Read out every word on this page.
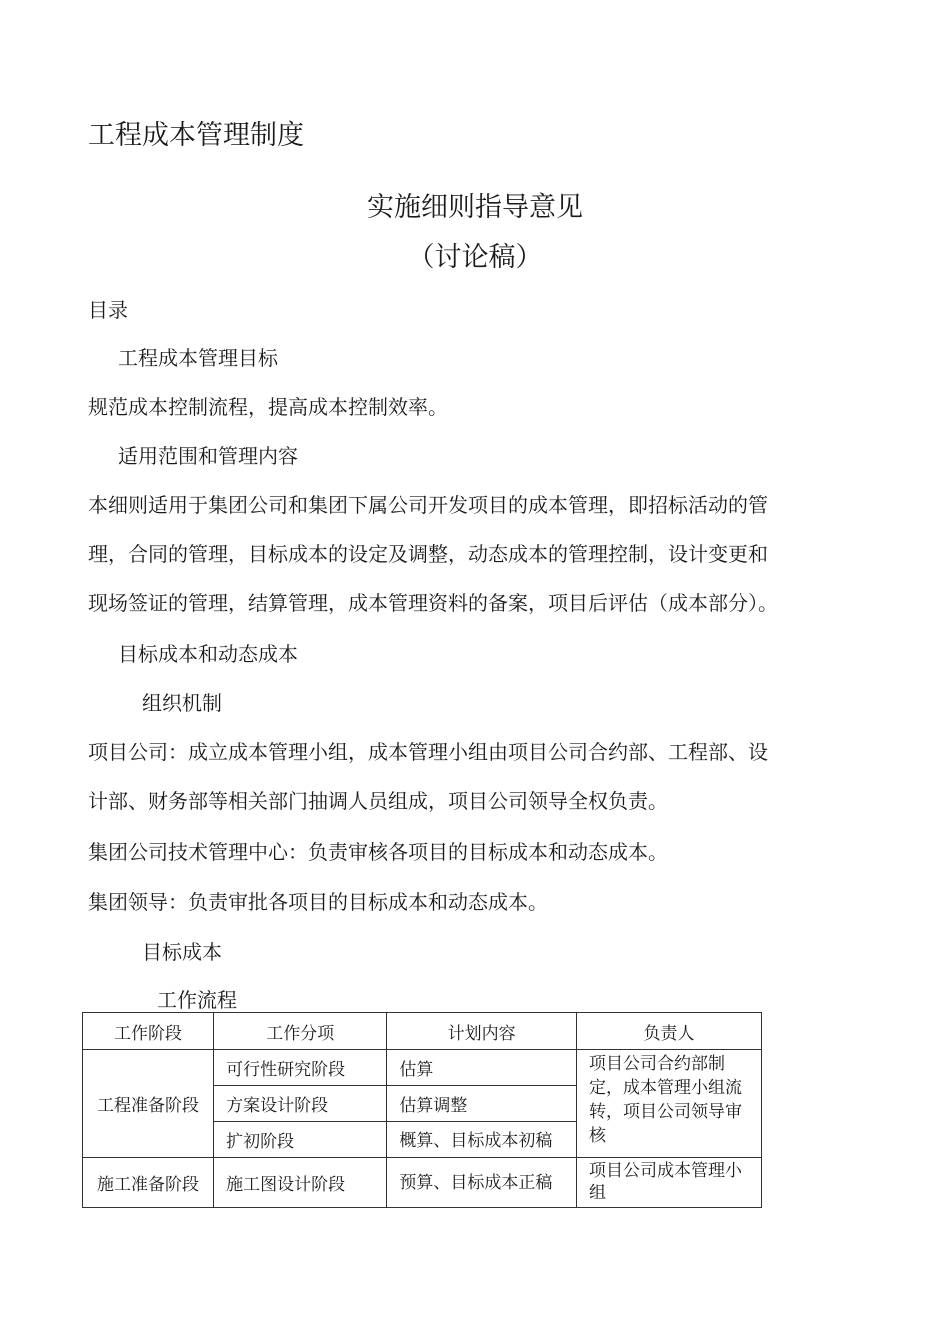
工程成本管理制度
实施细则指导意见
（讨论稿）
目录
工程成本管理目标
规范成本控制流程，提高成本控制效率。
适用范围和管理内容
本细则适用于集团公司和集团下属公司开发项目的成本管理，即招标活动的管
理，合同的管理，目标成本的设定及调整，动态成本的管理控制，设计变更和
现场签证的管理，结算管理，成本管理资料的备案，项目后评估（成本部分）。
目标成本和动态成本
组织机制
项目公司：成立成本管理小组，成本管理小组由项目公司合约部、工程部、设
计部、财务部等相关部门抽调人员组成，项目公司领导全权负责。
集团公司技术管理中心：负责审核各项目的目标成本和动态成本。
集团领导：负责审批各项目的目标成本和动态成本。
目标成本
工作流程
工作阶段	工作分项	计划内容	负责人
工程准备阶段	可行性研究阶段	估算	项目公司合约部制定，成本管理小组流转，项目公司领导审核
	方案设计阶段	估算调整	
	扩初阶段	概算、目标成本初稿	

施工准备阶段	施工图设计阶段	预算、目标成本正稿	项目公司成本管理小组
